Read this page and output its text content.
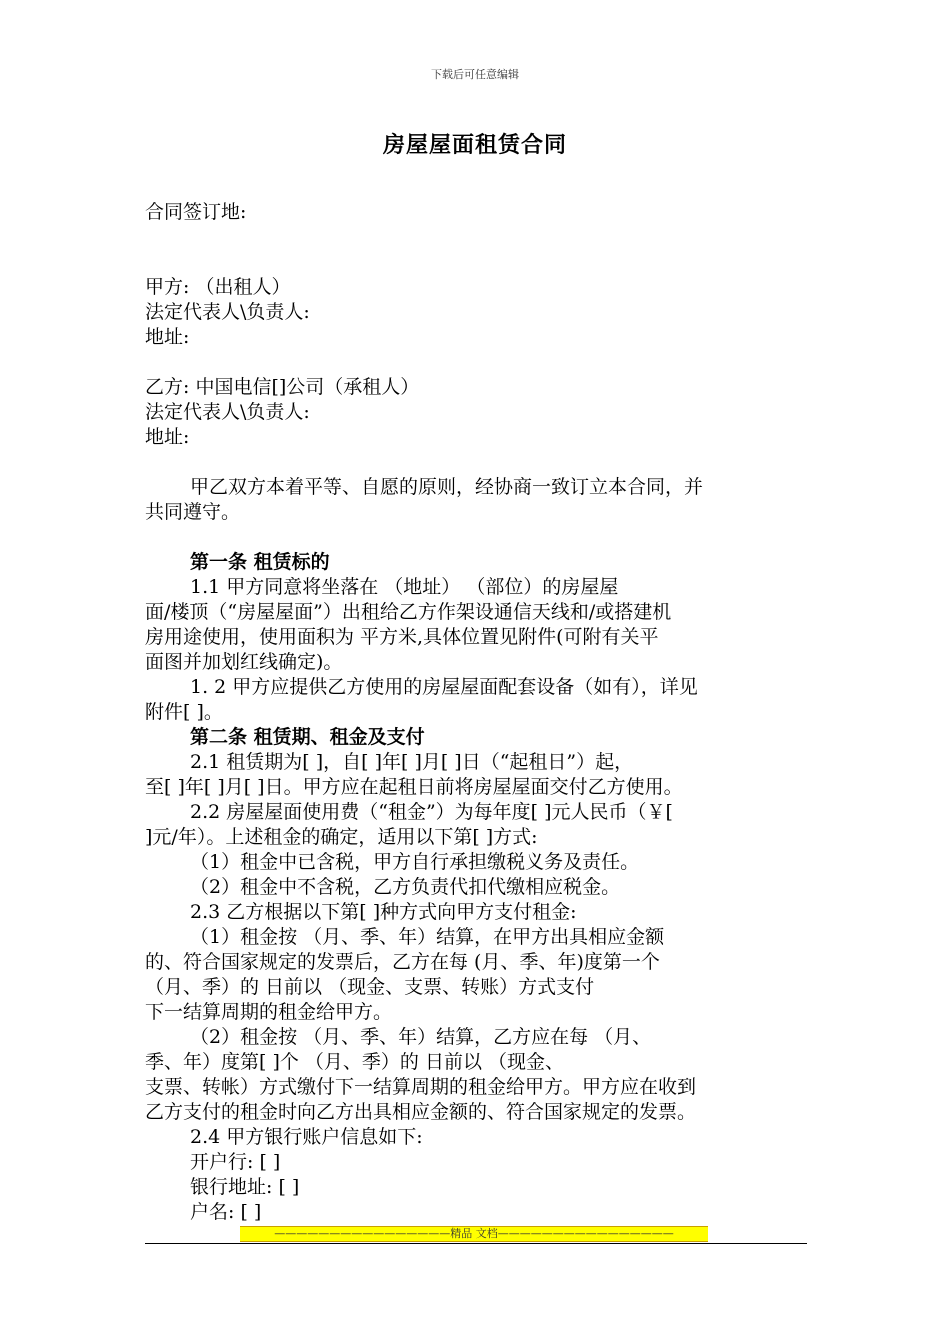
下载后可任意编辑
房屋屋面租赁合同
合同签订地:
甲方: （出租人）
法定代表人\负责人:
地址:
乙方: 中国电信[]公司（承租人）
法定代表人\负责人:
地址:
甲乙双方本着平等、自愿的原则，经协商一致订立本合同，并
共同遵守。
第一条 租赁标的
1.1 甲方同意将坐落在 （地址） （部位）的房屋屋
面/楼顶（“房屋屋面”）出租给乙方作架设通信天线和/或搭建机
房用途使用，使用面积为 平方米,具体位置见附件(可附有关平
面图并加划红线确定)。
1. 2 甲方应提供乙方使用的房屋屋面配套设备（如有），详见
附件[ ]。
第二条 租赁期、租金及支付
2.1 租赁期为[ ]，自[ ]年[ ]月[ ]日（“起租日”）起，
至[ ]年[ ]月[ ]日。甲方应在起租日前将房屋屋面交付乙方使用。
2.2 房屋屋面使用费（“租金”）为每年度[ ]元人民币（￥[
]元/年）。上述租金的确定，适用以下第[ ]方式:
（1）租金中已含税，甲方自行承担缴税义务及责任。
（2）租金中不含税，乙方负责代扣代缴相应税金。
2.3 乙方根据以下第[ ]种方式向甲方支付租金:
（1）租金按 （月、季、年）结算，在甲方出具相应金额
的、符合国家规定的发票后，乙方在每 (月、季、年)度第一个
（月、季）的 日前以 （现金、支票、转账）方式支付
下一结算周期的租金给甲方。
（2）租金按 （月、季、年）结算，乙方应在每 （月、
季、年）度第[ ]个 （月、季）的 日前以 （现金、
支票、转帐）方式缴付下一结算周期的租金给甲方。甲方应在收到
乙方支付的租金时向乙方出具相应金额的、符合国家规定的发票。
2.4 甲方银行账户信息如下:
开户行: [ ]
银行地址: [ ]
户名: [ ]
————————————————精品 文档————————————————
